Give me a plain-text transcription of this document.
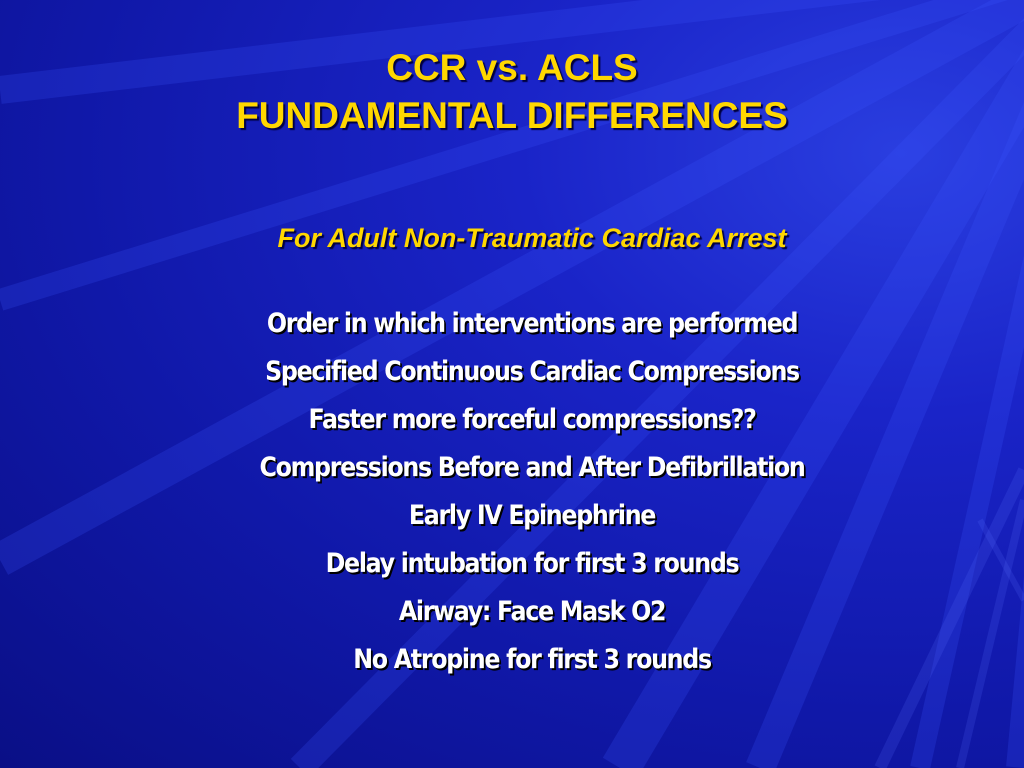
CCR vs. ACLS
FUNDAMENTAL DIFFERENCES
For Adult Non-Traumatic Cardiac Arrest
Order in which interventions are performed
Specified Continuous Cardiac Compressions
Faster more forceful compressions??
Compressions Before and After Defibrillation
Early IV Epinephrine
Delay intubation for first 3 rounds
Airway: Face Mask O2
No Atropine for first 3 rounds
